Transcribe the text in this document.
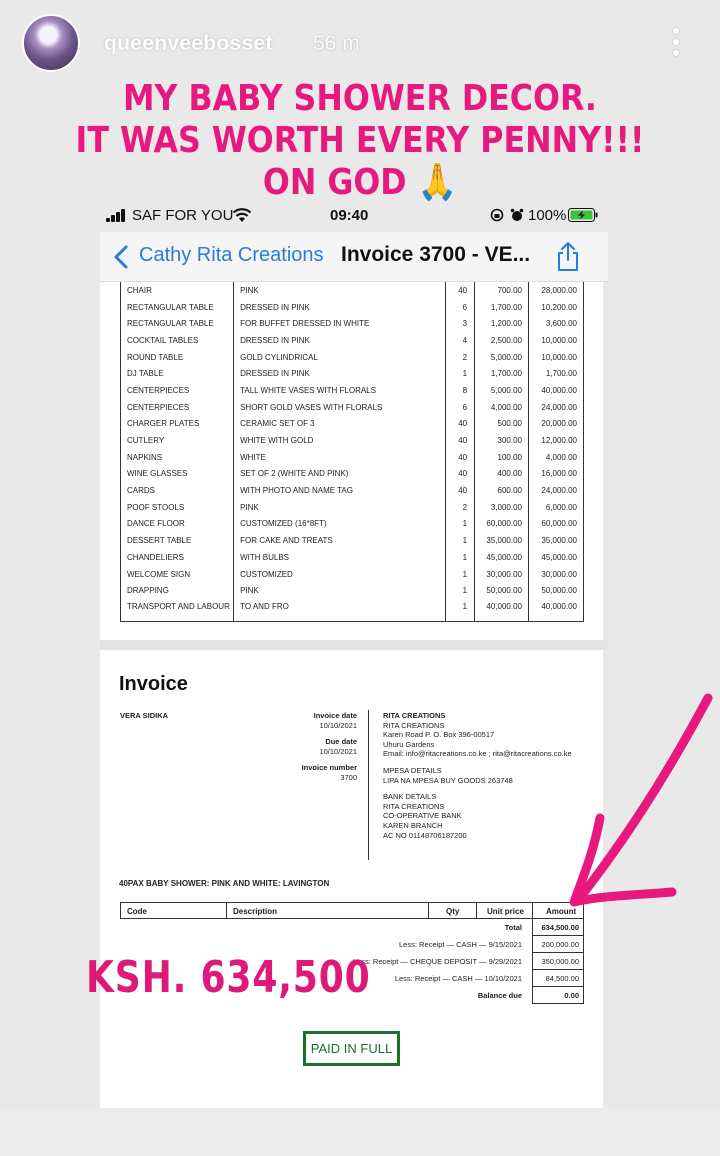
queenveebosset 56 m
MY BABY SHOWER DECOR.
IT WAS WORTH EVERY PENNY!!!
ON GOD 🙏
SAF FOR YOU	09:40	100%
Cathy Rita Creations Invoice 3700 - VE...
CHAIR	PINK	40	700.00	28,000.00
RECTANGULAR TABLE	DRESSED IN PINK	6	1,700.00	10,200.00
RECTANGULAR TABLE	FOR BUFFET DRESSED IN WHITE	3	1,200.00	3,600.00
COCKTAIL TABLES	DRESSED IN PINK	4	2,500.00	10,000.00
ROUND TABLE	GOLD CYLINDRICAL	2	5,000.00	10,000.00
DJ TABLE	DRESSED IN PINK	1	1,700.00	1,700.00
CENTERPIECES	TALL WHITE VASES WITH FLORALS	8	5,000.00	40,000.00
CENTERPIECES	SHORT GOLD VASES WITH FLORALS	6	4,000.00	24,000.00
CHARGER PLATES	CERAMIC SET OF 3	40	500.00	20,000.00
CUTLERY	WHITE WITH GOLD	40	300.00	12,000.00
NAPKINS	WHITE	40	100.00	4,000.00
WINE GLASSES	SET OF 2 (WHITE AND PINK)	40	400.00	16,000.00
CARDS	WITH PHOTO AND NAME TAG	40	600.00	24,000.00
POOF STOOLS	PINK	2	3,000.00	6,000.00
DANCE FLOOR	CUSTOMIZED (16*8FT)	1	60,000.00	60,000.00
DESSERT TABLE	FOR CAKE AND TREATS	1	35,000.00	35,000.00
CHANDELIERS	WITH BULBS	1	45,000.00	45,000.00
WELCOME SIGN	CUSTOMIZED	1	30,000.00	30,000.00
DRAPPING	PINK	1	50,000.00	50,000.00
TRANSPORT AND LABOUR	TO AND FRO	1	40,000.00	40,000.00
Invoice
VERA SIDIKA	Invoice date
10/10/2021
Due date
10/10/2021
Invoice number
3700
RITA CREATIONS
RITA CREATIONS
Karen Road P. O. Box 396-00517
Uhuru Gardens
Email: info@ritacreations.co.ke ; rita@ritacreations.co.ke
MPESA DETAILS
LIPA NA MPESA BUY GOODS 263748
BANK DETAILS
RITA CREATIONS
CO-OPERATIVE BANK
KAREN BRANCH
AC NO 01148706187200
40PAX BABY SHOWER: PINK AND WHITE: LAVINGTON
Code	Description	Qty	Unit price	Amount
Total	634,500.00
Less: Receipt — CASH — 9/15/2021	200,000.00
Less: Receipt — CHEQUE DEPOSIT — 9/29/2021	350,000.00
Less: Receipt — CASH — 10/10/2021	84,500.00
Balance due	0.00
PAID IN FULL
KSH. 634,500
